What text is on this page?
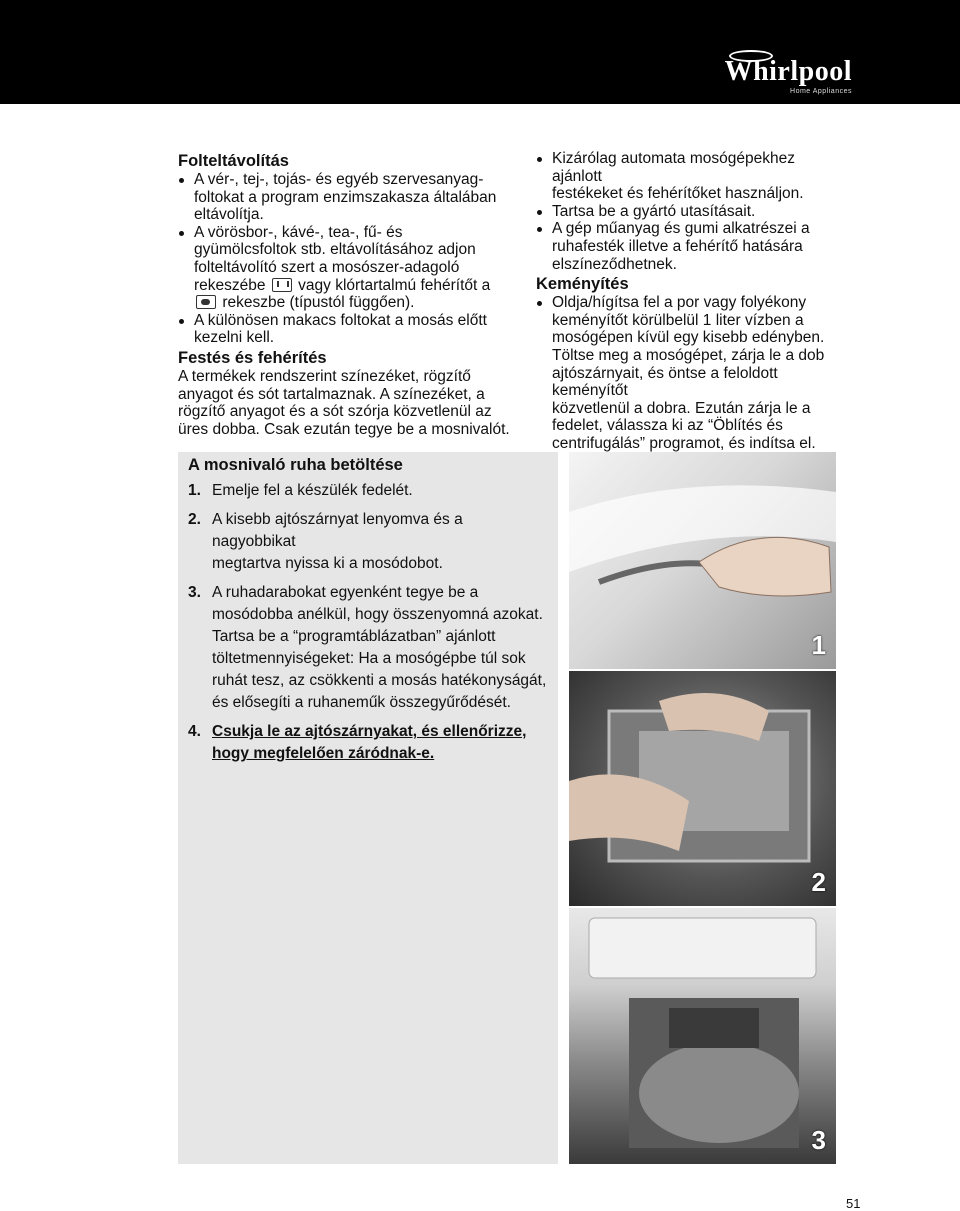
Whirlpool
Home Appliances
Folteltávolítás
A vér-, tej-, tojás- és egyéb szervesanyag-
foltokat a program enzimszakasza általában
eltávolítja.
A vörösbor-, kávé-, tea-, fű- és
gyümölcsfoltok stb. eltávolításához adjon
folteltávolító szert a mosószer-adagoló
rekeszébe vagy klórtartalmú fehérítőt a
rekeszbe (típustól függően).
A különösen makacs foltokat a mosás előtt
kezelni kell.
Festés és fehérítés

A termékek rendszerint színezéket, rögzítő
anyagot és sót tartalmaznak. A színezéket, a
rögzítő anyagot és a sót szórja közvetlenül az
üres dobba. Csak ezután tegye be a mosnivalót.

Kizárólag automata mosógépekhez ajánlott
festékeket és fehérítőket használjon.
Tartsa be a gyártó utasításait.
A gép műanyag és gumi alkatrészei a
ruhafesték illetve a fehérítő hatására
elszíneződhetnek.
Keményítés
Oldja/hígítsa fel a por vagy folyékony
keményítőt körülbelül 1 liter vízben a
mosógépen kívül egy kisebb edényben.
Töltse meg a mosógépet, zárja le a dob
ajtószárnyait, és öntse a feloldott keményítőt
közvetlenül a dobra. Ezután zárja le a
fedelet, válassza ki az “Öblítés és
centrifugálás” programot, és indítsa el.
A mosnivaló ruha betöltése
1. Emelje fel a készülék fedelét.
2. A kisebb ajtószárnyat lenyomva és a nagyobbikat
megtartva nyissa ki a mosódobot.
3. A ruhadarabokat egyenként tegye be a
mosódobba anélkül, hogy összenyomná azokat.
Tartsa be a “programtáblázatban” ajánlott
töltetmennyiségeket: Ha a mosógépbe túl sok
ruhát tesz, az csökkenti a mosás hatékonyságát,
és elősegíti a ruhaneműk összegyűrődését.
4. Csukja le az ajtószárnyakat, és ellenőrizze,
hogy megfelelően záródnak-e.
1
2
3
51
